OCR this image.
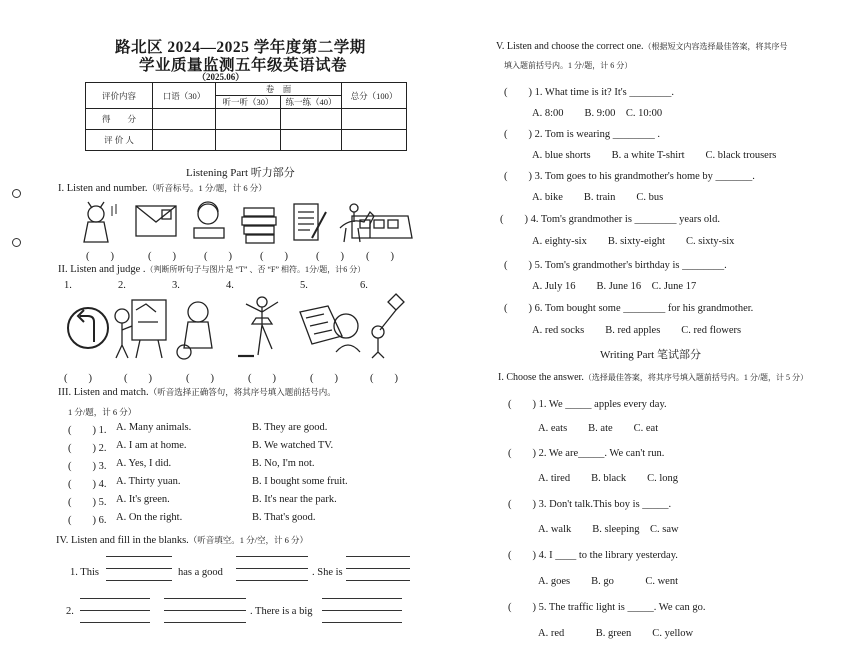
路北区 2024—2025 学年度第二学期
学业质量监测五年级英语试卷
（2025.06）
评价内容	口语（30）	卷　面		总分（100）
		听一听（30）	练一练（40）	
得　　分				
评 价 人				
Listening Part 听力部分
I. Listen and number.（听音标号。1 分/题，计 6 分）
(　　)	(　　)	(　　)	(　　)	(　　) (　　)
II. Listen and judge .（判断所听句子与图片是 “T” 、否 “F” 相符。1分/题，计6 分）
1.	2.	3.	4.	5.	6.
(　　)	(　　)	(　　)	(　　)	(　　)	(　　)
III. Listen and match.（听音选择正确答句，将其序号填入题前括号内。
1 分/题，计 6 分）
(　　) 1. A. Many animals.	B. They are good.
(　　) 2. A. I am at home.	B. We watched TV.
(　　) 3. A. Yes, I did.	B. No, I'm not.
(　　) 4. A. Thirty yuan.	B. I bought some fruit.
(　　) 5. A. It's green.	B. It's near the park.
(　　) 6. A. On the right.	B. That's good.
IV. Listen and fill in the blanks.（听音填空。1 分/空，计 6 分）
1. This	has a good	. She is
2.	. There is a big
V. Listen and choose the correct one.（根据短文内容选择最佳答案，将其序号
填入题前括号内。1 分/题，计 6 分）
(　　) 1. What time is it? It's ________.
A. 8:00　　B. 9:00　C. 10:00
(　　) 2. Tom is wearing ________ .
A. blue shorts　　B. a white T-shirt　　C. black trousers
(　　) 3. Tom goes to his grandmother's home by _______.
A. bike　　B. train　　C. bus
(　　) 4. Tom's grandmother is ________ years old.
A. eighty-six　　B. sixty-eight　　C. sixty-six
(　　) 5. Tom's grandmother's birthday is ________.
A. July 16　　B. June 16　C. June 17
(　　) 6. Tom bought some ________ for his grandmother.
A. red socks　　B. red apples　　C. red flowers
Writing Part 笔试部分
I. Choose the answer.（选择最佳答案，将其序号填入题前括号内。1 分/题，计 5 分）
(　　) 1. We _____ apples every day.
A. eats　　B. ate　　C. eat
(　　) 2. We are_____. We can't run.
A. tired　　B. black　　C. long
(　　) 3. Don't talk.This boy is _____.
A. walk　　B. sleeping　C. saw
(　　) 4. I ____ to the library yesterday.
A. goes　　B. go　　　C. went
(　　) 5. The traffic light is _____. We can go.
A. red　　　B. green　　C. yellow
